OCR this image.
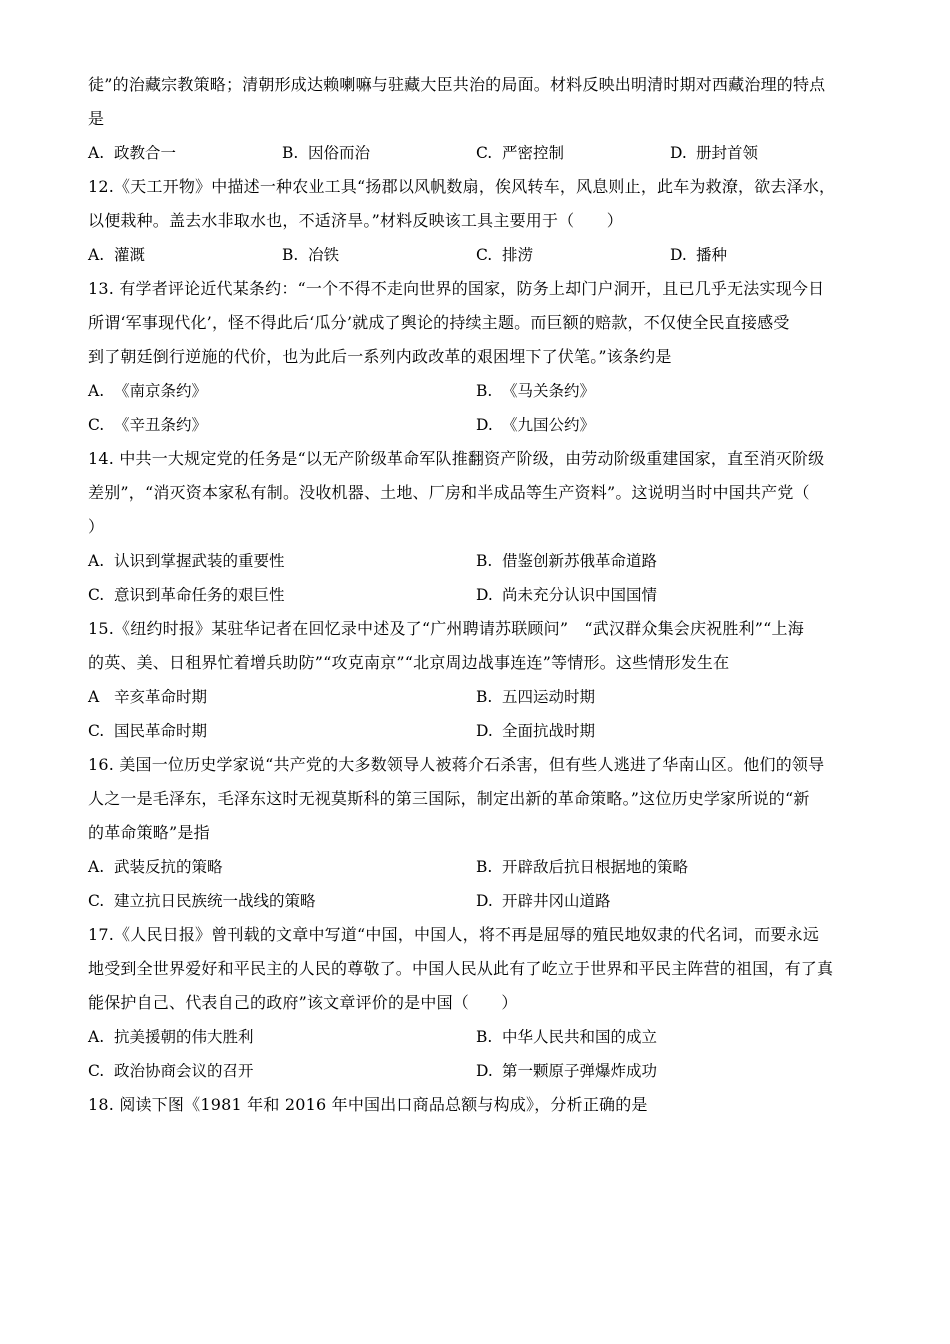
徒”的治藏宗教策略；清朝形成达赖喇嘛与驻藏大臣共治的局面。材料反映出明清时期对西藏治理的特点
是
A. 政教合一	B. 因俗而治	C. 严密控制	D. 册封首领
12.《天工开物》中描述一种农业工具“扬郡以风帆数扇，俟风转车，风息则止，此车为救潦，欲去泽水，
以便栽种。盖去水非取水也，不适济旱。”材料反映该工具主要用于（　　）
A. 灌溉	B. 冶铁	C. 排涝	D. 播种
13. 有学者评论近代某条约：“一个不得不走向世界的国家，防务上却门户洞开，且已几乎无法实现今日
所谓‘军事现代化’，怪不得此后‘瓜分’就成了舆论的持续主题。而巨额的赔款，不仅使全民直接感受
到了朝廷倒行逆施的代价，也为此后一系列内政改革的艰困埋下了伏笔。”该条约是
A. 《南京条约》	B. 《马关条约》
C. 《辛丑条约》	D. 《九国公约》
14. 中共一大规定党的任务是“以无产阶级革命军队推翻资产阶级，由劳动阶级重建国家，直至消灭阶级
差别”，“消灭资本家私有制。没收机器、土地、厂房和半成品等生产资料”。这说明当时中国共产党（
）
A. 认识到掌握武装的重要性	B. 借鉴创新苏俄革命道路
C. 意识到革命任务的艰巨性	D. 尚未充分认识中国国情
15.《纽约时报》某驻华记者在回忆录中述及了“广州聘请苏联顾问”　“武汉群众集会庆祝胜利”“上海
的英、美、日租界忙着增兵助防”“攻克南京”“北京周边战事连连”等情形。这些情形发生在
A 辛亥革命时期	B. 五四运动时期
C. 国民革命时期	D. 全面抗战时期
16. 美国一位历史学家说“共产党的大多数领导人被蒋介石杀害，但有些人逃进了华南山区。他们的领导
人之一是毛泽东，毛泽东这时无视莫斯科的第三国际，制定出新的革命策略。”这位历史学家所说的“新
的革命策略”是指
A. 武装反抗的策略	B. 开辟敌后抗日根据地的策略
C. 建立抗日民族统一战线的策略	D. 开辟井冈山道路
17.《人民日报》曾刊载的文章中写道“中国，中国人，将不再是屈辱的殖民地奴隶的代名词，而要永远
地受到全世界爱好和平民主的人民的尊敬了。中国人民从此有了屹立于世界和平民主阵营的祖国，有了真
能保护自己、代表自己的政府”该文章评价的是中国（　　）
A. 抗美援朝的伟大胜利	B. 中华人民共和国的成立
C. 政治协商会议的召开	D. 第一颗原子弹爆炸成功
18. 阅读下图《1981 年和 2016 年中国出口商品总额与构成》，分析正确的是
